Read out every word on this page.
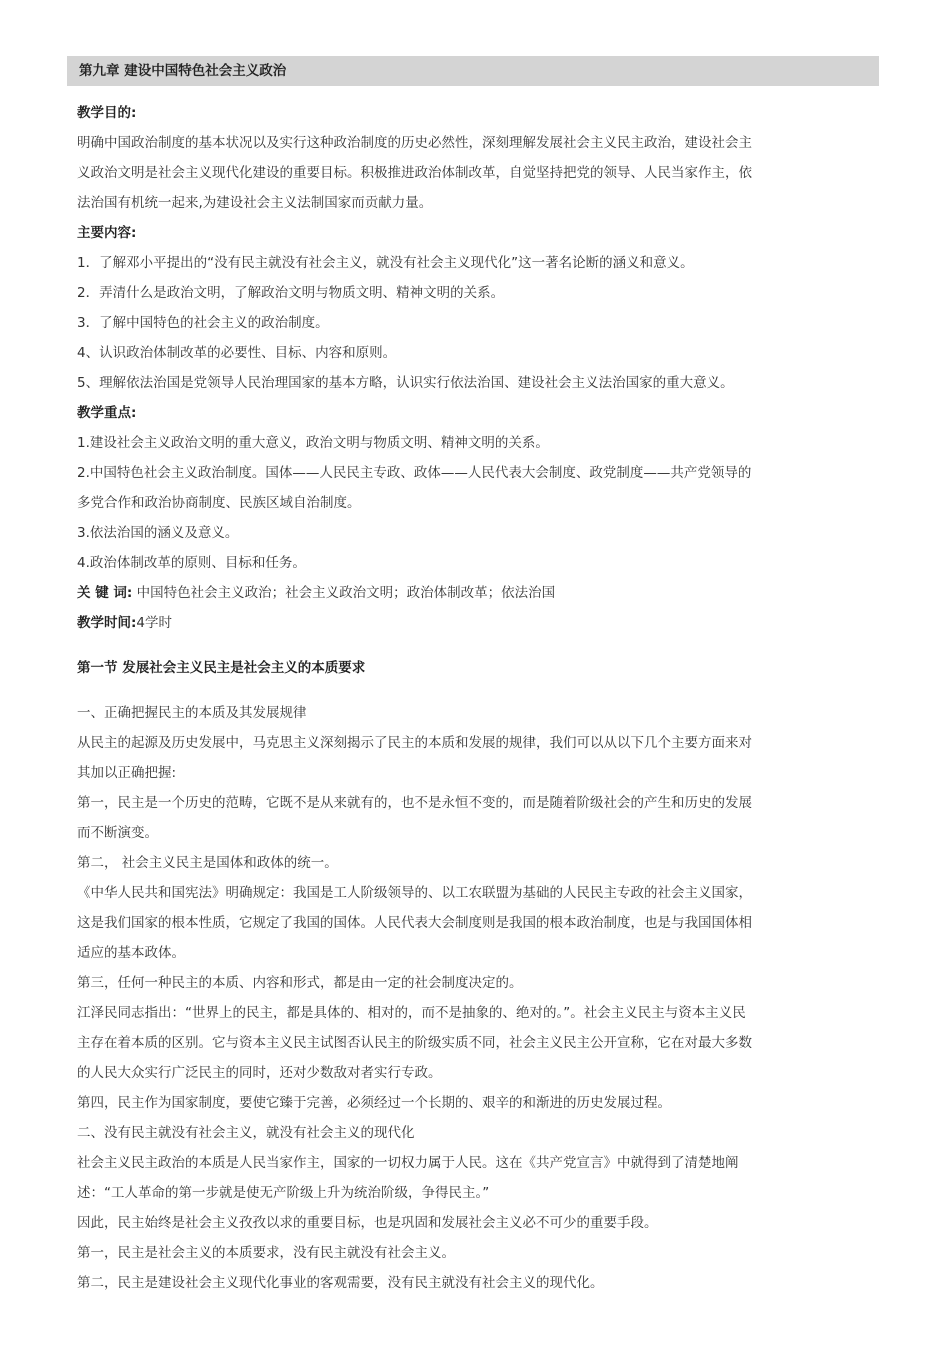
第九章 建设中国特色社会主义政治

教学目的:

明确中国政治制度的基本状况以及实行这种政治制度的历史必然性，深刻理解发展社会主义民主政治，建设社会主

义政治文明是社会主义现代化建设的重要目标。积极推进政治体制改革，自觉坚持把党的领导、人民当家作主，依

法治国有机统一起来,为建设社会主义法制国家而贡献力量。

主要内容:

1．了解邓小平提出的“没有民主就没有社会主义，就没有社会主义现代化”这一著名论断的涵义和意义。

2．弄清什么是政治文明，了解政治文明与物质文明、精神文明的关系。

3．了解中国特色的社会主义的政治制度。

4、认识政治体制改革的必要性、目标、内容和原则。

5、理解依法治国是党领导人民治理国家的基本方略，认识实行依法治国、建设社会主义法治国家的重大意义。

教学重点:

1.建设社会主义政治文明的重大意义，政治文明与物质文明、精神文明的关系。

2.中国特色社会主义政治制度。国体——人民民主专政、政体——人民代表大会制度、政党制度——共产党领导的

多党合作和政治协商制度、民族区域自治制度。

3.依法治国的涵义及意义。

4.政治体制改革的原则、目标和任务。

关 键 词: 中国特色社会主义政治；社会主义政治文明；政治体制改革；依法治国

教学时间:4学时

第一节 发展社会主义民主是社会主义的本质要求

一、正确把握民主的本质及其发展规律

从民主的起源及历史发展中，马克思主义深刻揭示了民主的本质和发展的规律，我们可以从以下几个主要方面来对

其加以正确把握:

第一，民主是一个历史的范畴，它既不是从来就有的，也不是永恒不变的，而是随着阶级社会的产生和历史的发展

而不断演变。

第二， 社会主义民主是国体和政体的统一。

《中华人民共和国宪法》明确规定：我国是工人阶级领导的、以工农联盟为基础的人民民主专政的社会主义国家，

这是我们国家的根本性质，它规定了我国的国体。人民代表大会制度则是我国的根本政治制度，也是与我国国体相

适应的基本政体。

第三，任何一种民主的本质、内容和形式，都是由一定的社会制度决定的。

江泽民同志指出：“世界上的民主，都是具体的、相对的，而不是抽象的、绝对的。”。社会主义民主与资本主义民

主存在着本质的区别。它与资本主义民主试图否认民主的阶级实质不同，社会主义民主公开宣称，它在对最大多数

的人民大众实行广泛民主的同时，还对少数敌对者实行专政。

第四，民主作为国家制度，要使它臻于完善，必须经过一个长期的、艰辛的和渐进的历史发展过程。

二、没有民主就没有社会主义，就没有社会主义的现代化

社会主义民主政治的本质是人民当家作主，国家的一切权力属于人民。这在《共产党宣言》中就得到了清楚地阐

述：“工人革命的第一步就是使无产阶级上升为统治阶级，争得民主。”

因此，民主始终是社会主义孜孜以求的重要目标，也是巩固和发展社会主义必不可少的重要手段。

第一，民主是社会主义的本质要求，没有民主就没有社会主义。

第二，民主是建设社会主义现代化事业的客观需要，没有民主就没有社会主义的现代化。
